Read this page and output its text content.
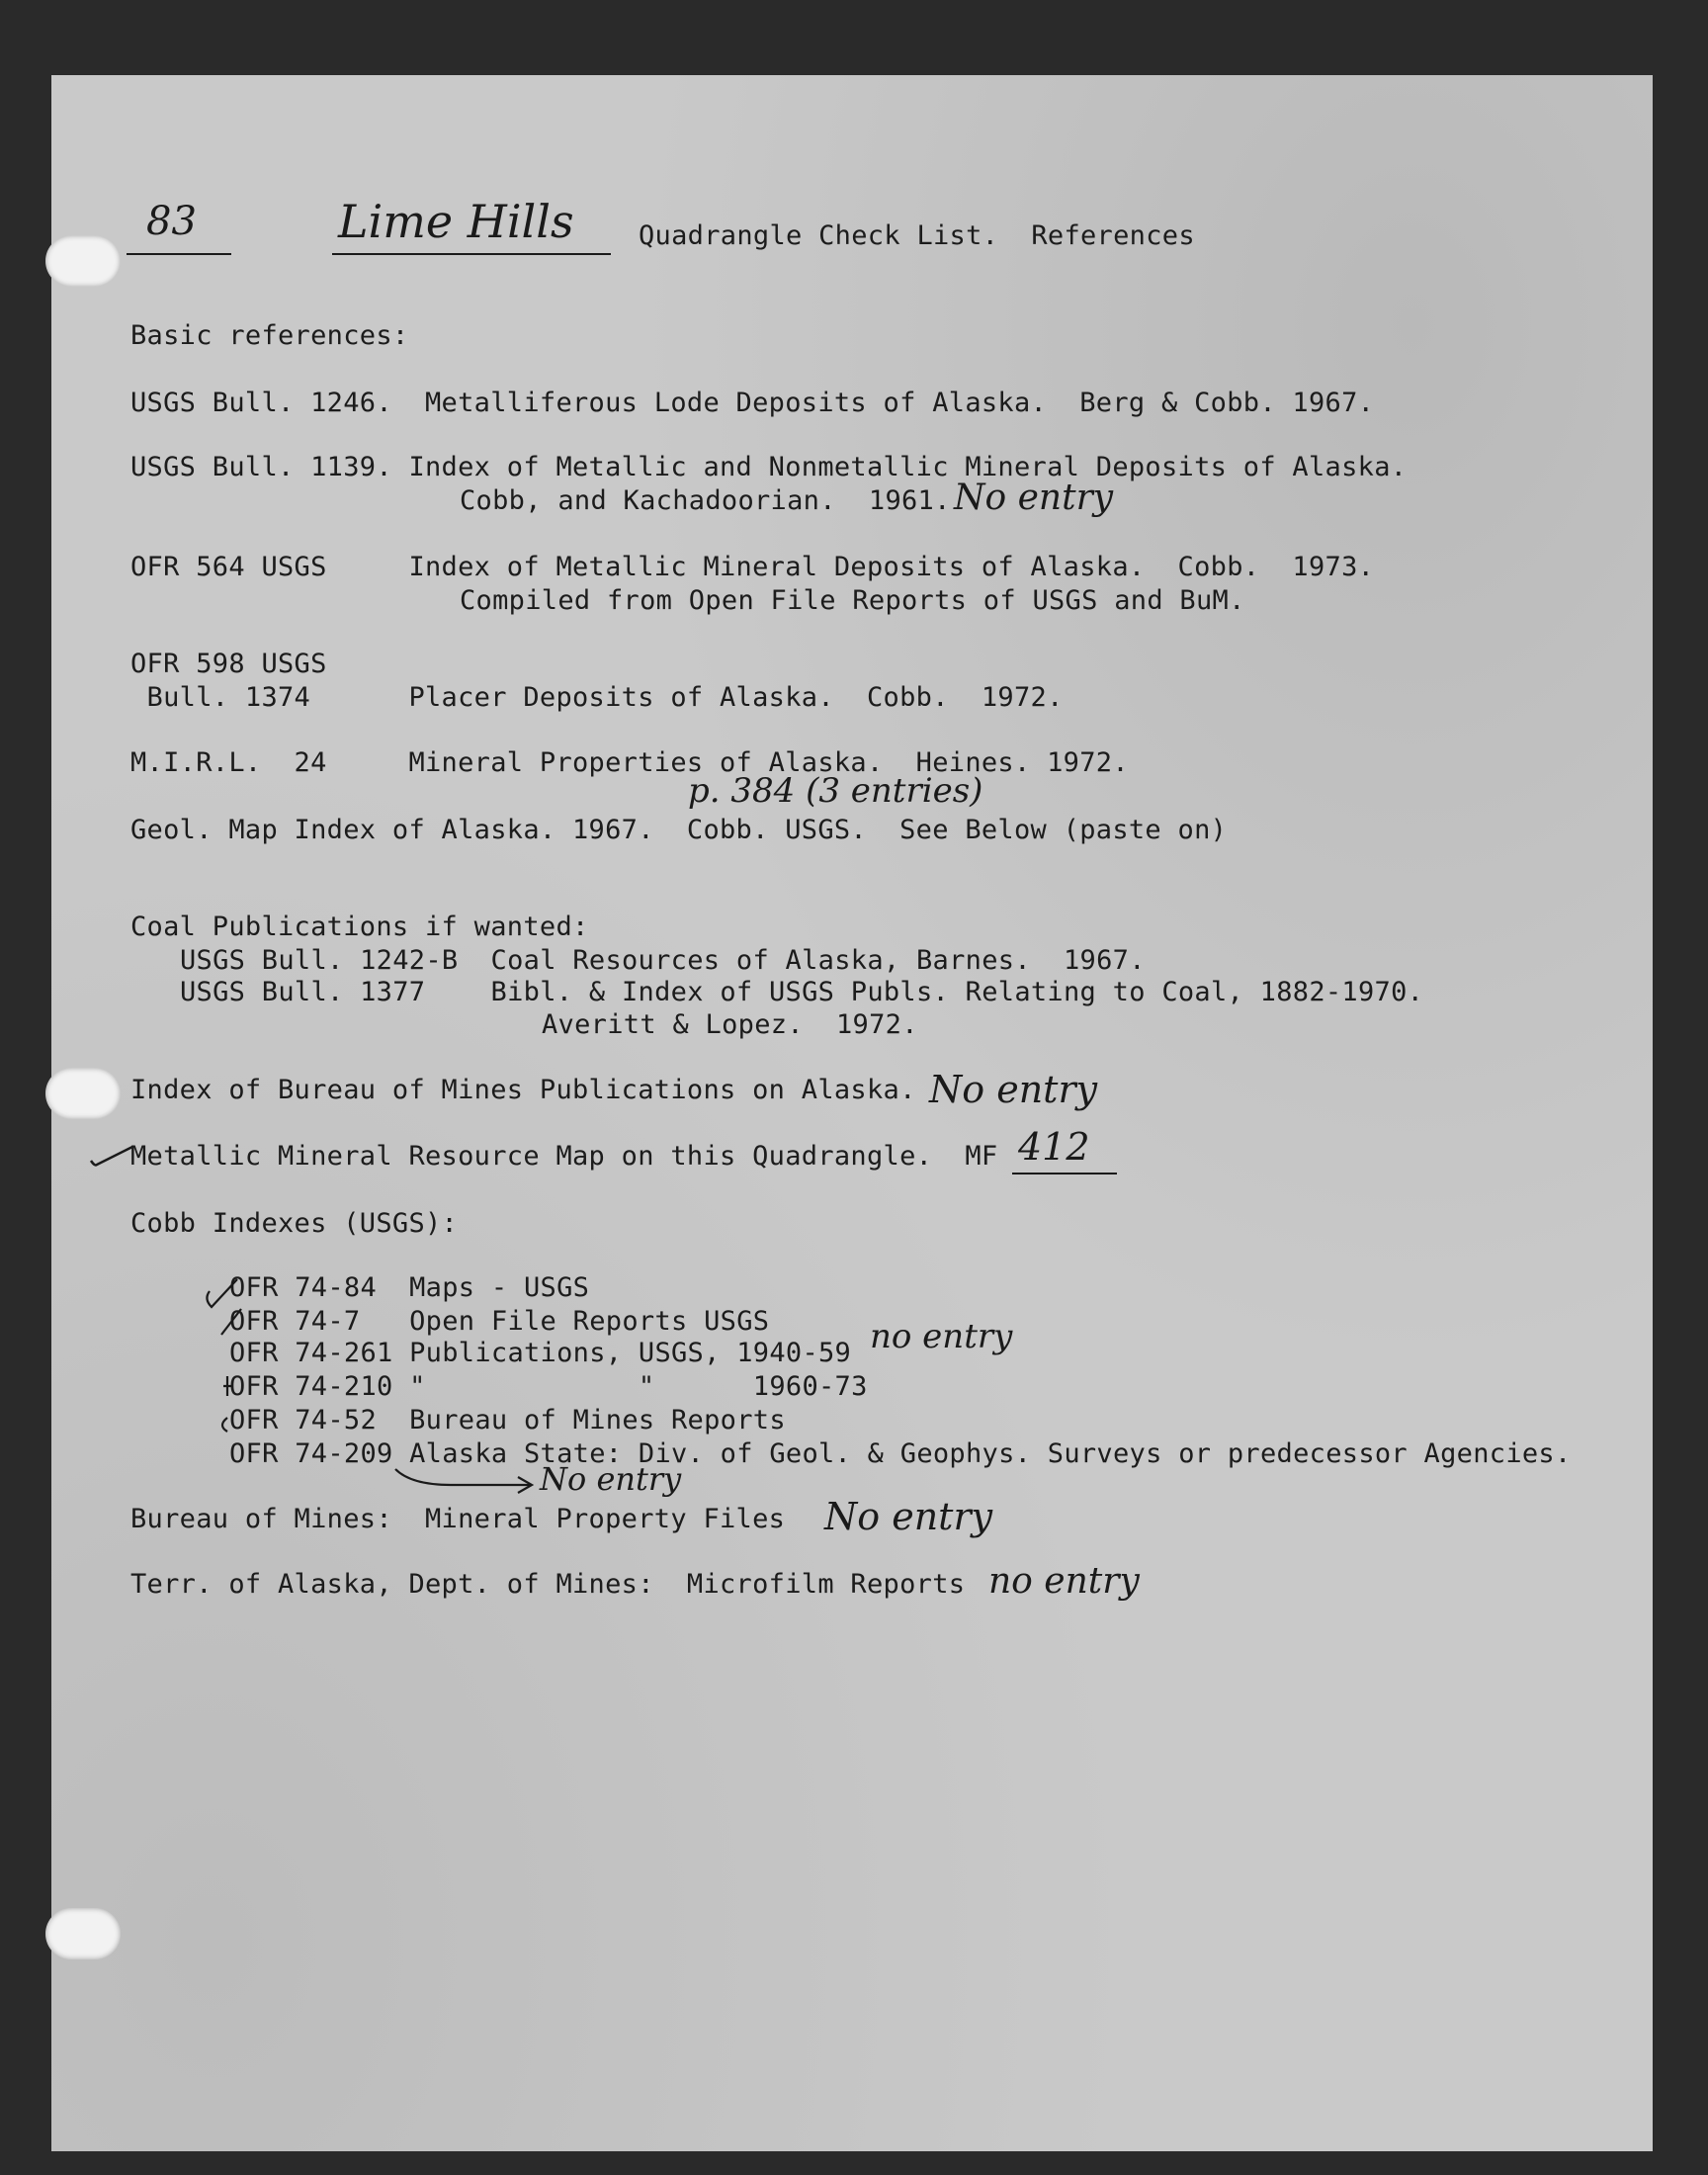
83	Lime Hills Quadrangle Check List.  References
Basic references:
USGS Bull. 1246.  Metalliferous Lode Deposits of Alaska.  Berg & Cobb. 1967.
USGS Bull. 1139. Index of Metallic and Nonmetallic Mineral Deposits of Alaska.
Cobb, and Kachadoorian.  1961. No entry
OFR 564 USGS     Index of Metallic Mineral Deposits of Alaska.  Cobb.  1973.
Compiled from Open File Reports of USGS and BuM.
OFR 598 USGS
Bull. 1374      Placer Deposits of Alaska.  Cobb.  1972.
M.I.R.L.  24     Mineral Properties of Alaska.  Heines. 1972.
p. 384 (3 entries)
Geol. Map Index of Alaska. 1967.  Cobb. USGS.  See Below (paste on)
Coal Publications if wanted:
USGS Bull. 1242-B  Coal Resources of Alaska, Barnes.  1967.
USGS Bull. 1377    Bibl. & Index of USGS Publs. Relating to Coal, 1882-1970.
Averitt & Lopez.  1972.
Index of Bureau of Mines Publications on Alaska. No entry
Metallic Mineral Resource Map on this Quadrangle.  MF 412
Cobb Indexes (USGS):
OFR 74-84  Maps - USGS
OFR 74-7   Open File Reports USGS
OFR 74-261 Publications, USGS, 1940-59 no entry
OFR 74-210 "             "      1960-73
OFR 74-52  Bureau of Mines Reports
OFR 74-209 Alaska State: Div. of Geol. & Geophys. Surveys or predecessor Agencies.
No entry
Bureau of Mines:  Mineral Property Files No entry
Terr. of Alaska, Dept. of Mines:  Microfilm Reports no entry
